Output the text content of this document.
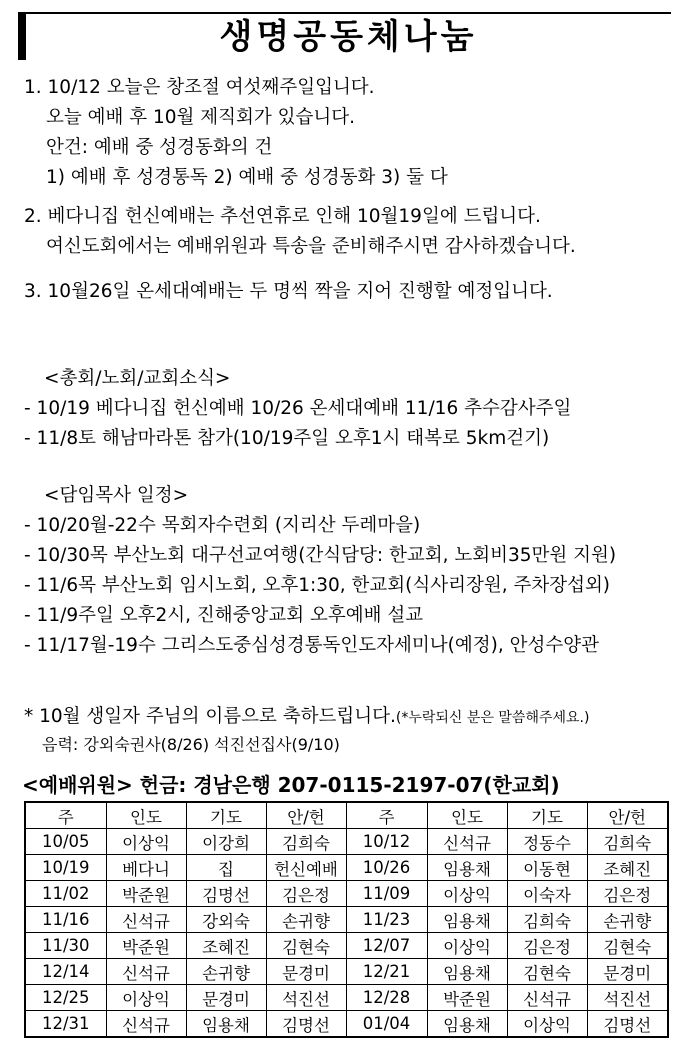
생명공동체나눔
1. 10/12 오늘은 창조절 여섯째주일입니다.
오늘 예배 후 10월 제직회가 있습니다.
안건: 예배 중 성경동화의 건
1) 예배 후 성경통독 2) 예배 중 성경동화 3) 둘 다
2. 베다니집 헌신예배는 추선연휴로 인해 10월19일에 드립니다.
여신도회에서는 예배위원과 특송을 준비해주시면 감사하겠습니다.
3. 10월26일 온세대예배는 두 명씩 짝을 지어 진행할 예정입니다.
<총회/노회/교회소식>
- 10/19 베다니집 헌신예배 10/26 온세대예배 11/16 추수감사주일
- 11/8토 해남마라톤 참가(10/19주일 오후1시 태복로 5km걷기)
<담임목사 일정>
- 10/20월-22수 목회자수련회 (지리산 두레마을)
- 10/30목 부산노회 대구선교여행(간식담당: 한교회, 노회비35만원 지원)
- 11/6목 부산노회 임시노회, 오후1:30, 한교회(식사리장원, 주차장섭외)
- 11/9주일 오후2시, 진해중앙교회 오후예배 설교
- 11/17월-19수 그리스도중심성경통독인도자세미나(예정), 안성수양관
* 10월 생일자 주님의 이름으로 축하드립니다.(*누락되신 분은 말씀해주세요.)
음력: 강외숙권사(8/26) 석진선집사(9/10)
<예배위원> 헌금: 경남은행 207-0115-2197-07(한교회)
주	인도	기도	안/헌	주	인도	기도	안/헌
10/05	이상익	이강희	김희숙	10/12	신석규	정동수	김희숙
10/19	베다니	집	헌신예배	10/26	임용채	이동현	조혜진
11/02	박준원	김명선	김은정	11/09	이상익	이숙자	김은정
11/16	신석규	강외숙	손귀향	11/23	임용채	김희숙	손귀향
11/30	박준원	조혜진	김현숙	12/07	이상익	김은정	김현숙
12/14	신석규	손귀향	문경미	12/21	임용채	김현숙	문경미
12/25	이상익	문경미	석진선	12/28	박준원	신석규	석진선
12/31	신석규	임용채	김명선	01/04	임용채	이상익	김명선
